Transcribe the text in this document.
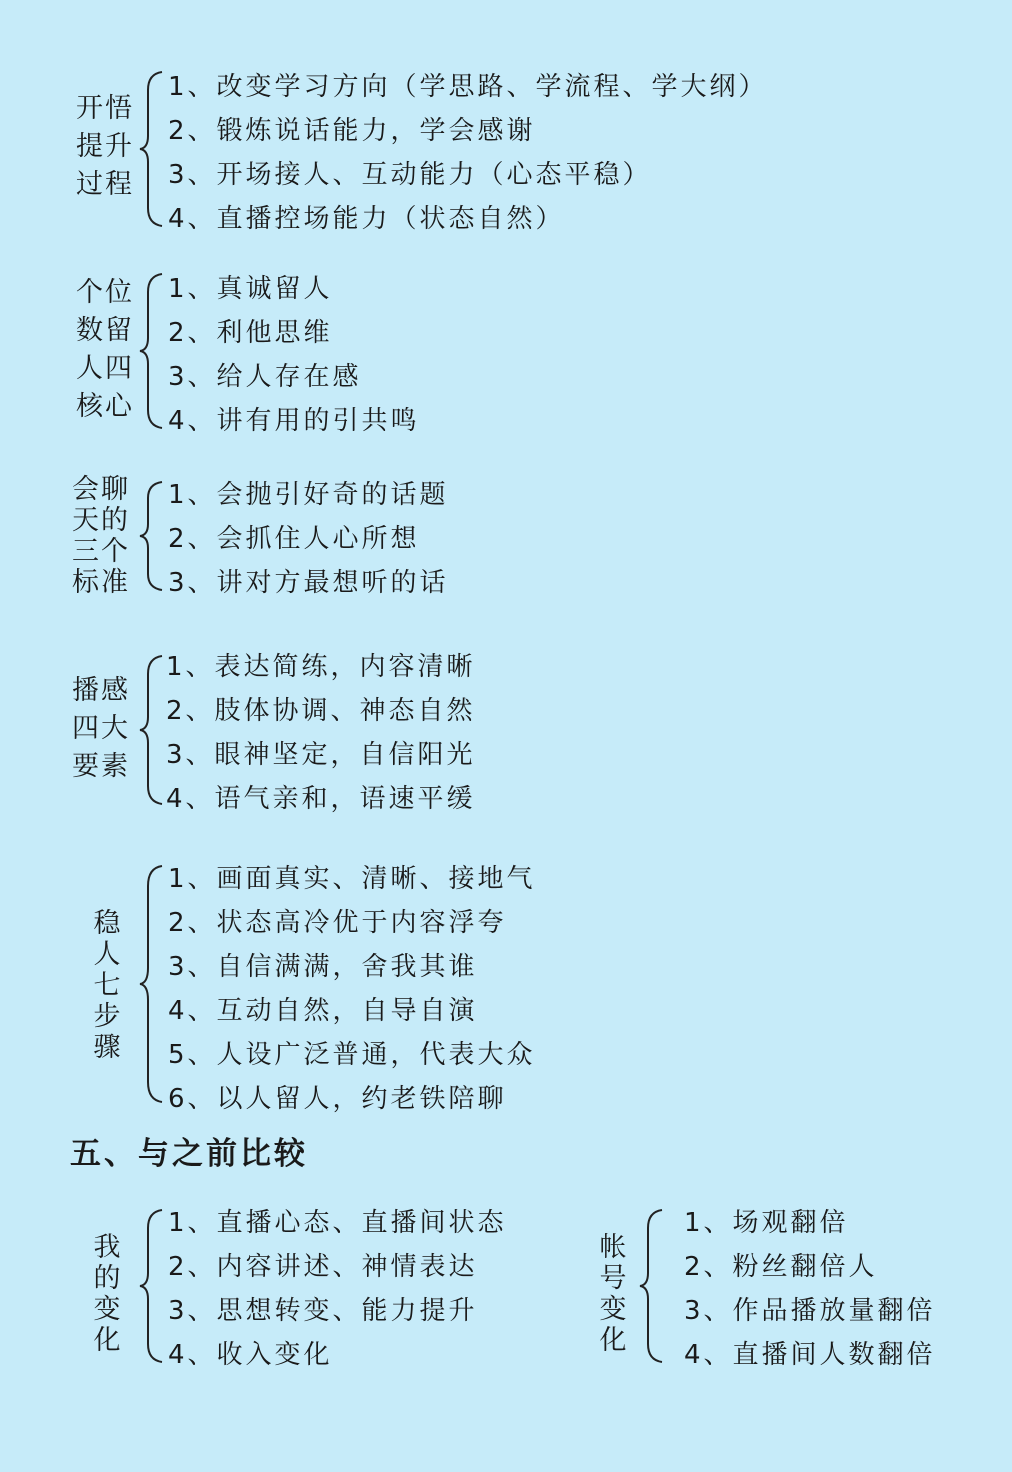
开悟
提升
过程
1、改变学习方向（学思路、学流程、学大纲）
2、锻炼说话能力，学会感谢
3、开场接人、互动能力（心态平稳）
4、直播控场能力（状态自然）
个位
数留
人四
核心
1、真诚留人
2、利他思维
3、给人存在感
4、讲有用的引共鸣
会聊
天的
三个
标准
1、会抛引好奇的话题
2、会抓住人心所想
3、讲对方最想听的话
播感
四大
要素
1、表达简练，内容清晰
2、肢体协调、神态自然
3、眼神坚定，自信阳光
4、语气亲和，语速平缓
稳
人
七
步
骤
1、画面真实、清晰、接地气
2、状态高冷优于内容浮夸
3、自信满满，舍我其谁
4、互动自然，自导自演
5、人设广泛普通，代表大众
6、以人留人，约老铁陪聊
五、与之前比较
我
的
变
化
1、直播心态、直播间状态
2、内容讲述、神情表达
3、思想转变、能力提升
4、收入变化
帐
号
变
化
1、场观翻倍
2、粉丝翻倍人
3、作品播放量翻倍
4、直播间人数翻倍
